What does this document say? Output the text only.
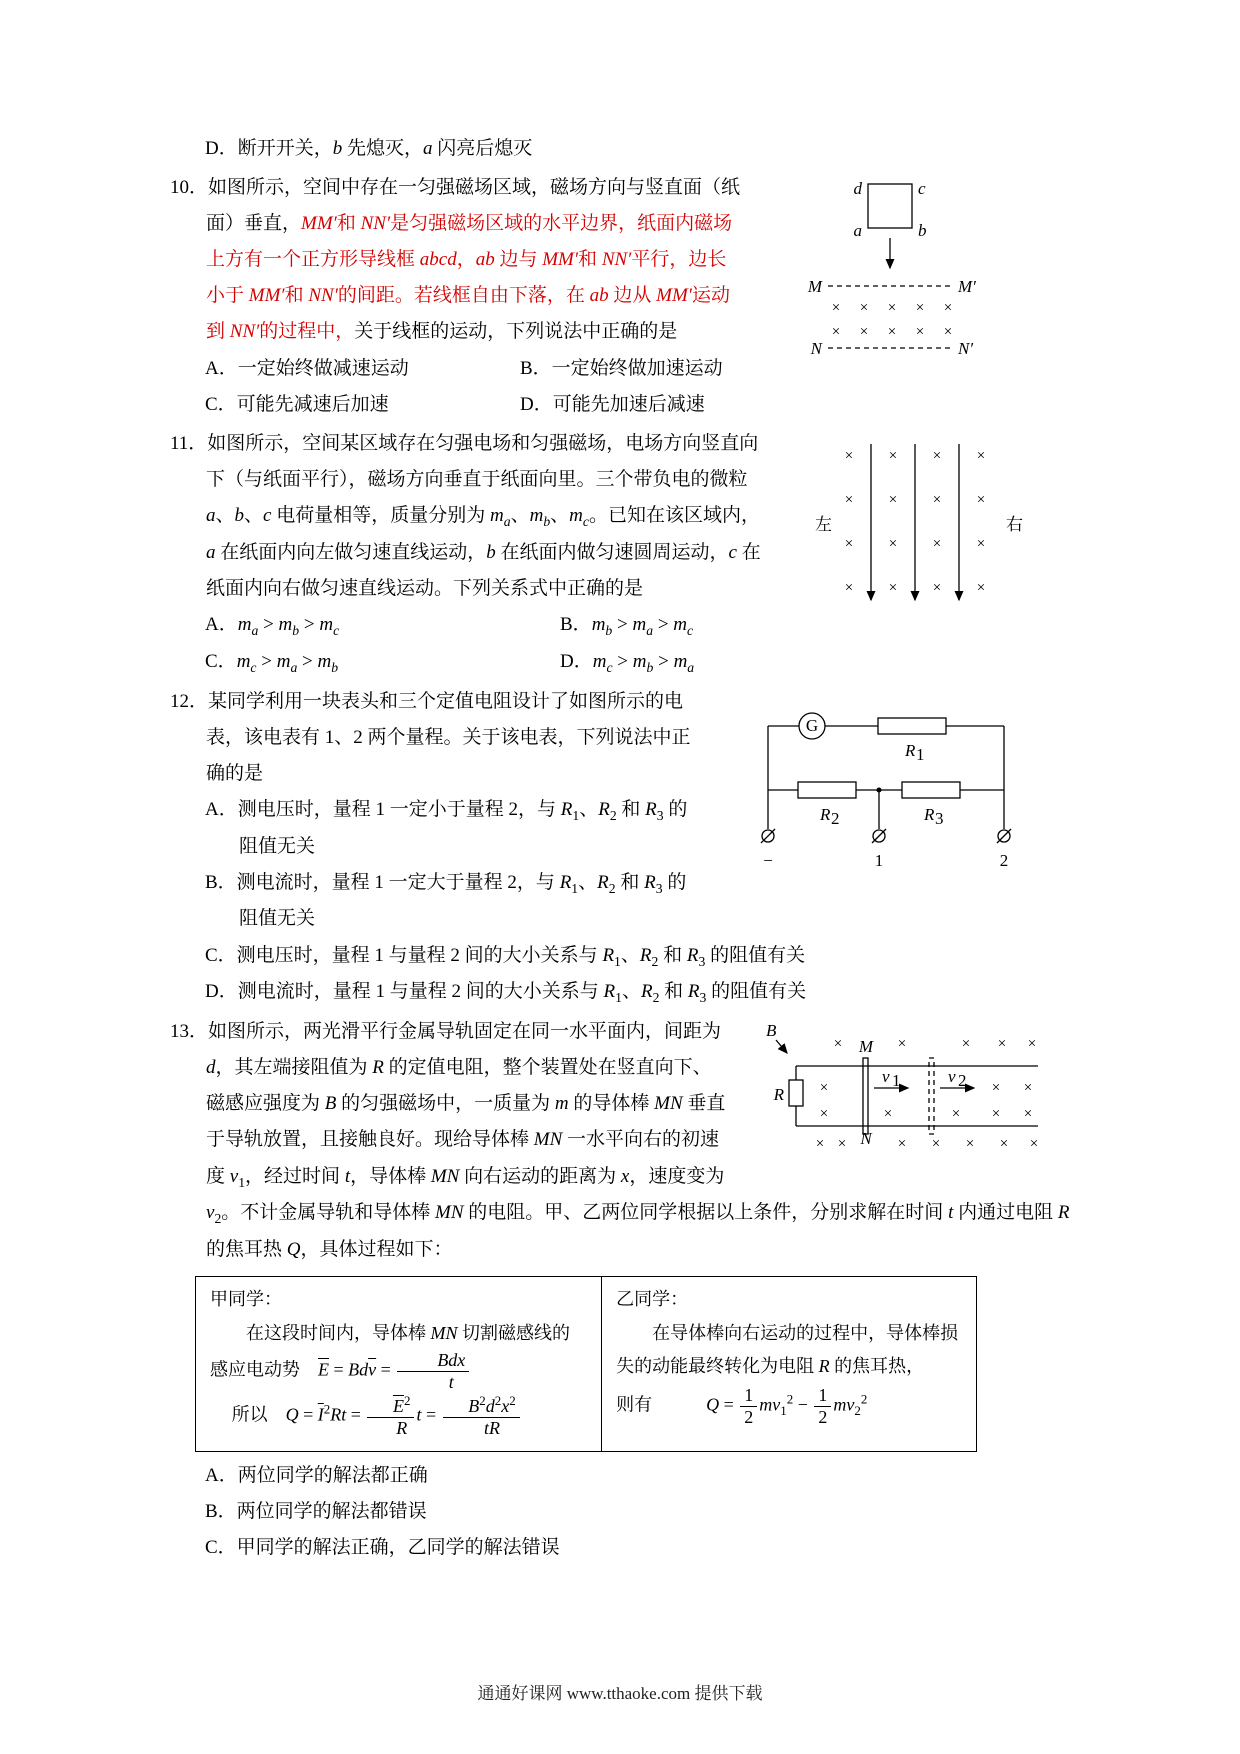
D．断开开关，b 先熄灭，a 闪亮后熄灭

d	c
a	b
M	M′
× × × × ×
× × × × ×
N	N′

10．如图所示，空间中存在一匀强磁场区域，磁场方向与竖直面（纸面）垂直，MM′和 NN′是匀强磁场区域的水平边界，纸面内磁场上方有一个正方形导线框 abcd，ab 边与 MM′和 NN′平行，边长小于 MM′和 NN′的间距。若线框自由下落，在 ab 边从 MM′运动到 NN′的过程中，关于线框的运动，下列说法中正确的是

A．一定始终做减速运动	B．一定始终做加速运动
C．可能先减速后加速	D．可能先加速后减速
左	右
× × × ×
× × × ×
× × × ×
× × × ×

11．如图所示，空间某区域存在匀强电场和匀强磁场，电场方向竖直向下（与纸面平行），磁场方向垂直于纸面向里。三个带负电的微粒 a、b、c 电荷量相等，质量分别为 $m_a$、$m_b$、$m_c$。已知在该区域内，a 在纸面内向左做匀速直线运动，b 在纸面内做匀速圆周运动，c 在纸面内向右做匀速直线运动。下列关系式中正确的是

A．$m_a > m_b > m_c$	B．$m_b > m_a > m_c$
C．$m_c > m_a > m_b$	D．$m_c > m_b > m_a$
G
R 1
R 2	R 3
−	1	2

12．某同学利用一块表头和三个定值电阻设计了如图所示的电表，该电表有 1、2 两个量程。关于该电表，下列说法中正确的是

A．测电压时，量程 1 一定小于量程 2，与 $R_1$、$R_2$ 和 $R_3$ 的阻值无关

B．测电流时，量程 1 一定大于量程 2，与 $R_1$、$R_2$ 和 $R_3$ 的阻值无关

C．测电压时，量程 1 与量程 2 间的大小关系与 $R_1$、$R_2$ 和 $R_3$ 的阻值有关

D．测电流时，量程 1 与量程 2 间的大小关系与 $R_1$、$R_2$ 和 $R_3$ 的阻值有关

B
R
M
N
v 1	v 2
×	×	× × ×
×	× ×
×	×	× × ×
× ×	× × × × ×

13．如图所示，两光滑平行金属导轨固定在同一水平面内，间距为 d，其左端接阻值为 R 的定值电阻，整个装置处在竖直向下、磁感应强度为 B 的匀强磁场中，一质量为 m 的导体棒 MN 垂直于导轨放置，且接触良好。现给导体棒 MN 一水平向右的初速度 $v_1$，经过时间 t，导体棒 MN 向右运动的距离为 x，速度变为 $v_2$。不计金属导轨和导体棒 MN 的电阻。甲、乙两位同学根据以上条件，分别求解在时间 t 内通过电阻 R 的焦耳热 Q，具体过程如下：

甲同学：

在这段时间内，导体棒 MN 切割磁感线的感应电动势　$\overline{E} = Bd\overline{v} = \frac{\text{Bdx}}{t}$

所以　$Q = \overline{I}^2Rt = \frac{\overline{E}^2}{R}$ $t = \frac{B^2d^2x^2}{tR}$

乙同学：

在导体棒向右运动的过程中，导体棒损失的动能最终转化为电阻 R 的焦耳热，

则有　　　$Q = \frac{1}{2} mv_1^2 - \frac{1}{2} mv_2^2$

A．两位同学的解法都正确

B．两位同学的解法都错误

C．甲同学的解法正确，乙同学的解法错误

通通好课网 www.tthaoke.com 提供下载
